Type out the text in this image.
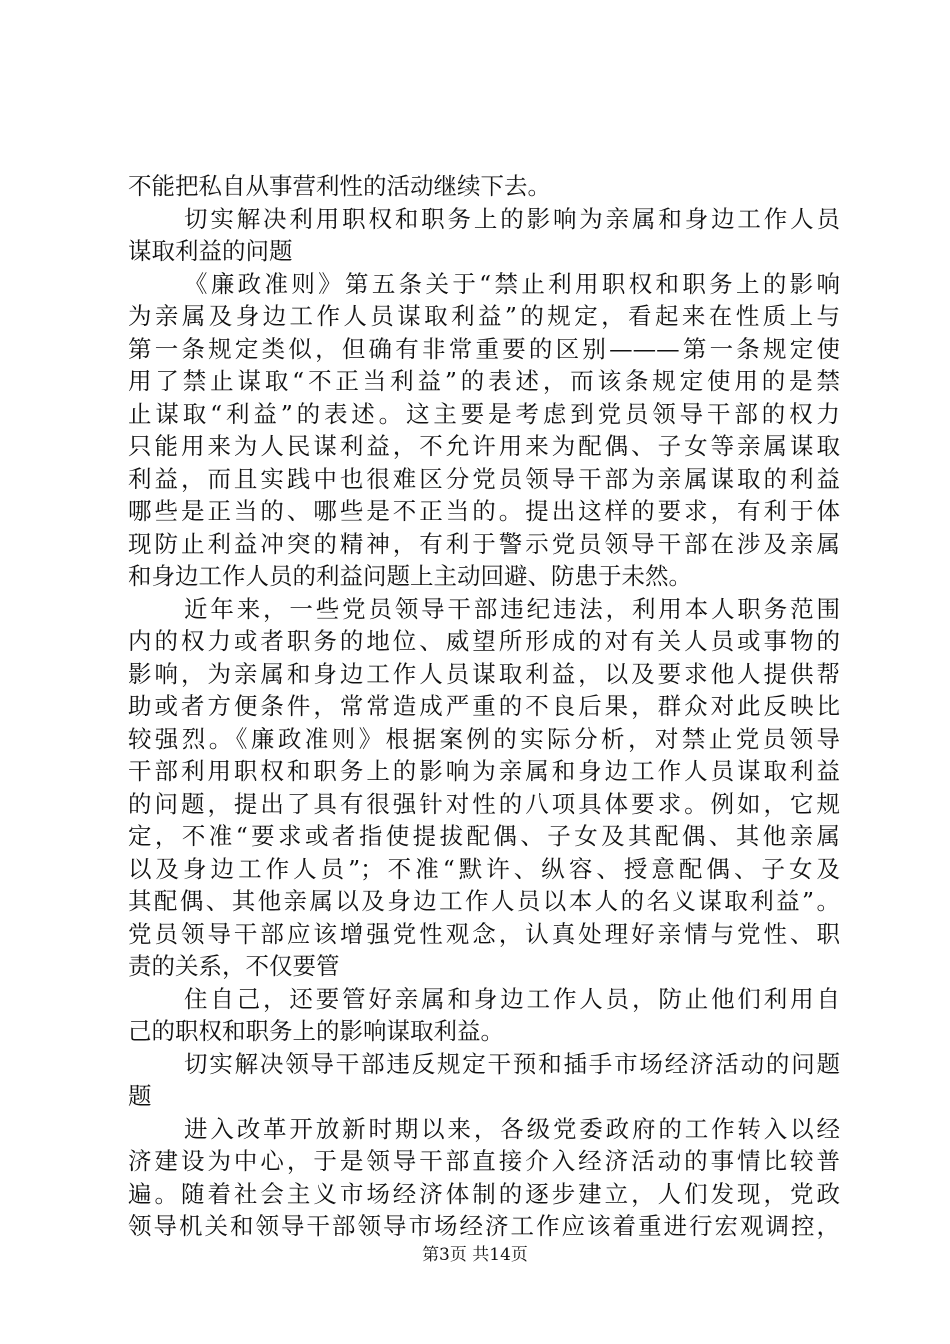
不能把私自从事营利性的活动继续下去。
切实解决利用职权和职务上的影响为亲属和身边工作人员
谋取利益的问题
《廉政准则》第五条关于“禁止利用职权和职务上的影响
为亲属及身边工作人员谋取利益”的规定，看起来在性质上与
第一条规定类似，但确有非常重要的区别———第一条规定使
用了禁止谋取“不正当利益”的表述，而该条规定使用的是禁
止谋取“利益”的表述。这主要是考虑到党员领导干部的权力
只能用来为人民谋利益，不允许用来为配偶、子女等亲属谋取
利益，而且实践中也很难区分党员领导干部为亲属谋取的利益
哪些是正当的、哪些是不正当的。提出这样的要求，有利于体
现防止利益冲突的精神，有利于警示党员领导干部在涉及亲属
和身边工作人员的利益问题上主动回避、防患于未然。
近年来，一些党员领导干部违纪违法，利用本人职务范围
内的权力或者职务的地位、威望所形成的对有关人员或事物的
影响，为亲属和身边工作人员谋取利益，以及要求他人提供帮
助或者方便条件，常常造成严重的不良后果，群众对此反映比
较强烈。《廉政准则》根据案例的实际分析，对禁止党员领导
干部利用职权和职务上的影响为亲属和身边工作人员谋取利益
的问题，提出了具有很强针对性的八项具体要求。例如，它规
定，不准“要求或者指使提拔配偶、子女及其配偶、其他亲属
以及身边工作人员”；不准“默许、纵容、授意配偶、子女及
其配偶、其他亲属以及身边工作人员以本人的名义谋取利益”。
党员领导干部应该增强党性观念，认真处理好亲情与党性、职
责的关系，不仅要管
住自己，还要管好亲属和身边工作人员，防止他们利用自
己的职权和职务上的影响谋取利益。
切实解决领导干部违反规定干预和插手市场经济活动的问题
题
进入改革开放新时期以来，各级党委政府的工作转入以经
济建设为中心，于是领导干部直接介入经济活动的事情比较普
遍。随着社会主义市场经济体制的逐步建立，人们发现，党政
领导机关和领导干部领导市场经济工作应该着重进行宏观调控，
第3页 共14页
